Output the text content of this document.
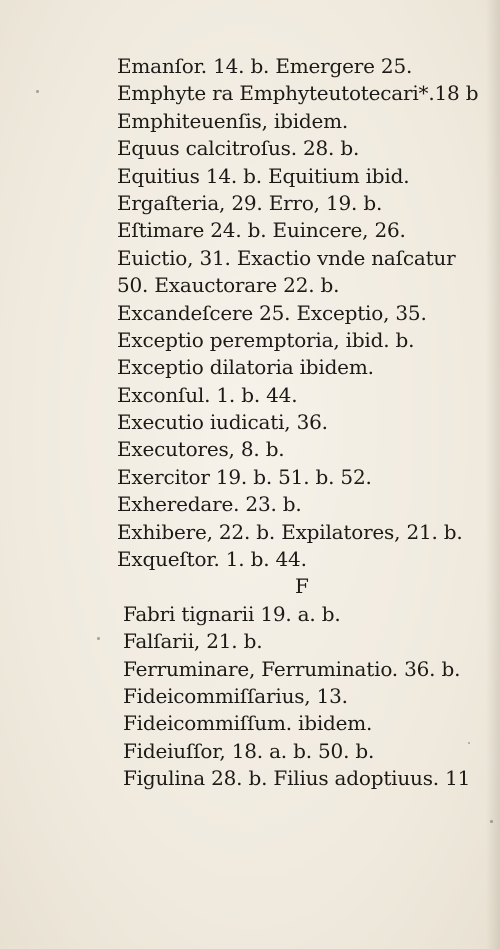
Emanſor. 14. b. Emergere 25.
Emphyte ra Emphyteutotecari*.18 b
Emphiteuenſis, ibidem.
Equus calcitroſus. 28. b.
Equitius 14. b. Equitium ibid.
Ergaſteria, 29. Erro, 19. b.
Eſtimare 24. b. Euincere, 26.
Euictio, 31. Exactio vnde naſcatur
50. Exauctorare 22. b.
Excandeſcere 25. Exceptio, 35.
Exceptio peremptoria, ibid. b.
Exceptio dilatoria ibidem.
Exconſul. 1. b. 44.
Executio iudicati, 36.
Executores, 8. b.
Exercitor 19. b. 51. b. 52.
Exheredare. 23. b.
Exhibere, 22. b. Expilatores, 21. b.
Exqueſtor. 1. b. 44.
F
Fabri tignarii 19. a. b.
Falſarii, 21. b.
Ferruminare, Ferruminatio. 36. b.
Fideicommiſſarius, 13.
Fideicommiſſum. ibidem.
Fideiuſſor, 18. a. b. 50. b.
Figulina 28. b. Filius adoptiuus. 11
